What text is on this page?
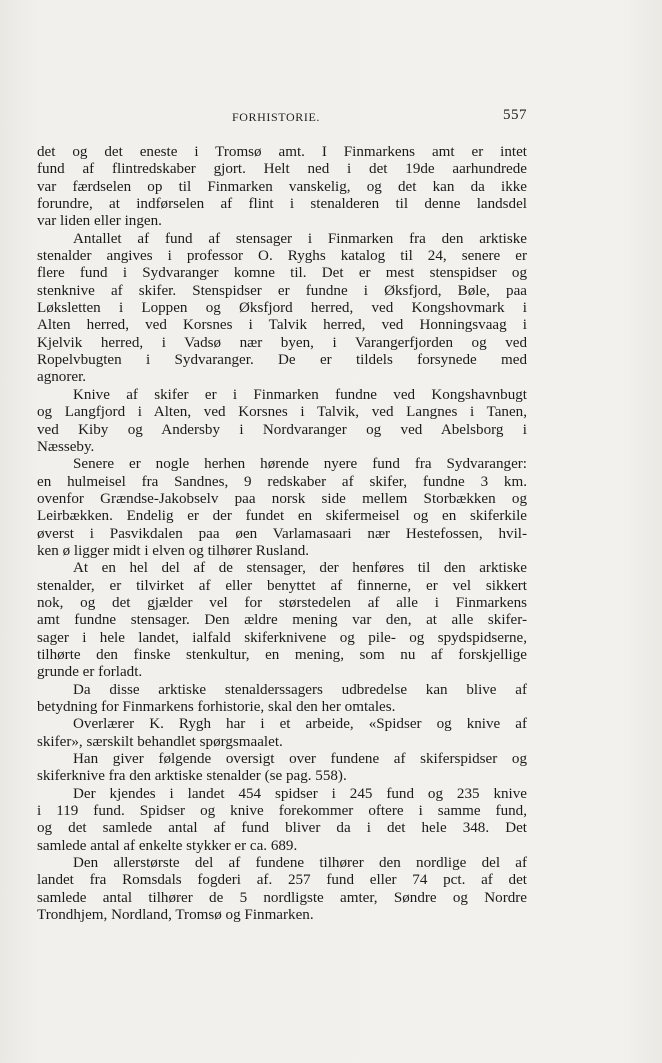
FORHISTORIE.	557
det og det eneste i Tromsø amt. I Finmarkens amt er intet
fund af flintredskaber gjort. Helt ned i det 19de aarhundrede
var færdselen op til Finmarken vanskelig, og det kan da ikke
forundre, at indførselen af flint i stenalderen til denne landsdel
var liden eller ingen.
Antallet af fund af stensager i Finmarken fra den arktiske
stenalder angives i professor O. Ryghs katalog til 24, senere er
flere fund i Sydvaranger komne til. Det er mest stenspidser og
stenknive af skifer. Stenspidser er fundne i Øksfjord, Bøle, paa
Løksletten i Loppen og Øksfjord herred, ved Kongshovmark i
Alten herred, ved Korsnes i Talvik herred, ved Honningsvaag i
Kjelvik herred, i Vadsø nær byen, i Varangerfjorden og ved
Ropelvbugten i Sydvaranger. De er tildels forsynede med
agnorer.
Knive af skifer er i Finmarken fundne ved Kongshavnbugt
og Langfjord i Alten, ved Korsnes i Talvik, ved Langnes i Tanen,
ved Kiby og Andersby i Nordvaranger og ved Abelsborg i
Næsseby.
Senere er nogle herhen hørende nyere fund fra Sydvaranger:
en hulmeisel fra Sandnes, 9 redskaber af skifer, fundne 3 km.
ovenfor Grændse-Jakobselv paa norsk side mellem Storbækken og
Leirbækken. Endelig er der fundet en skifermeisel og en skiferkile
øverst i Pasvikdalen paa øen Varlamasaari nær Hestefossen, hvil-
ken ø ligger midt i elven og tilhører Rusland.
At en hel del af de stensager, der henføres til den arktiske
stenalder, er tilvirket af eller benyttet af finnerne, er vel sikkert
nok, og det gjælder vel for størstedelen af alle i Finmarkens
amt fundne stensager. Den ældre mening var den, at alle skifer-
sager i hele landet, ialfald skiferknivene og pile- og spydspidserne,
tilhørte den finske stenkultur, en mening, som nu af forskjellige
grunde er forladt.
Da disse arktiske stenalderssagers udbredelse kan blive af
betydning for Finmarkens forhistorie, skal den her omtales.
Overlærer K. Rygh har i et arbeide, «Spidser og knive af
skifer», særskilt behandlet spørgsmaalet.
Han giver følgende oversigt over fundene af skiferspidser og
skiferknive fra den arktiske stenalder (se pag. 558).
Der kjendes i landet 454 spidser i 245 fund og 235 knive
i 119 fund. Spidser og knive forekommer oftere i samme fund,
og det samlede antal af fund bliver da i det hele 348. Det
samlede antal af enkelte stykker er ca. 689.
Den allerstørste del af fundene tilhører den nordlige del af
landet fra Romsdals fogderi af. 257 fund eller 74 pct. af det
samlede antal tilhører de 5 nordligste amter, Søndre og Nordre
Trondhjem, Nordland, Tromsø og Finmarken.
